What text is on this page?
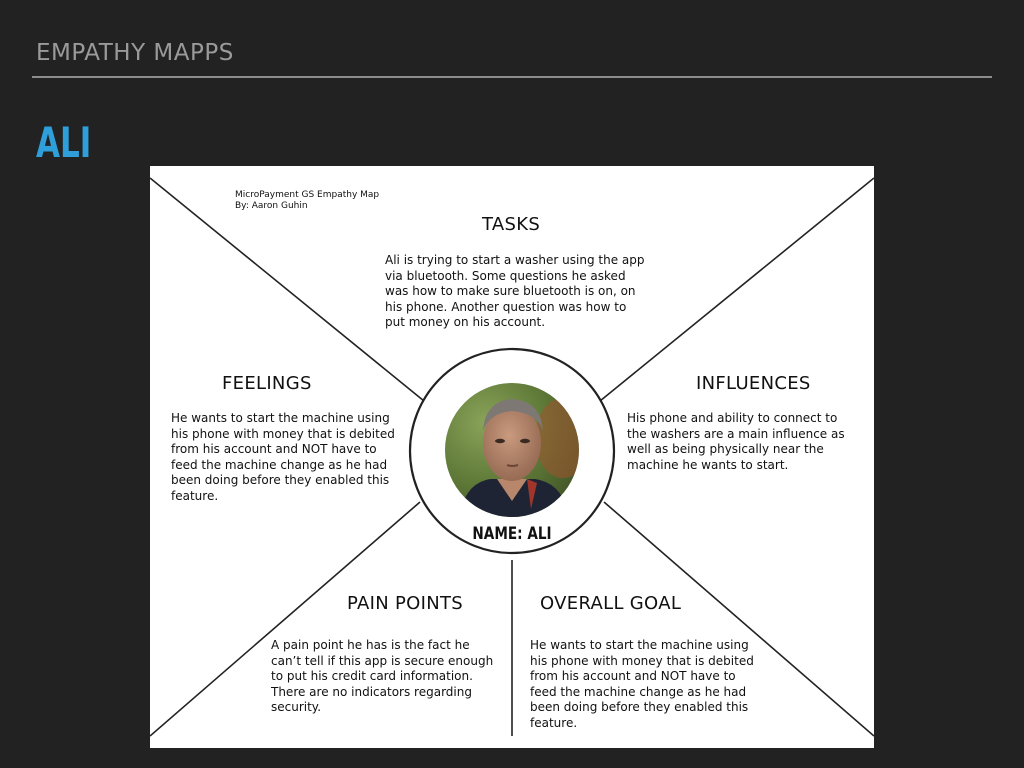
EMPATHY MAPPS
ALI
MicroPayment GS Empathy Map
By: Aaron Guhin
TASKS
Ali is trying to start a washer using the app via bluetooth. Some questions he asked was how to make sure bluetooth is on, on his phone. Another question was how to put money on his account.
FEELINGS
He wants to start the machine using his phone with money that is debited from his account and NOT have to feed the machine change as he had been doing before they enabled this feature.
INFLUENCES
His phone and ability to connect to the washers are a main influence as well as being physically near the machine he wants to start.
PAIN POINTS
A pain point he has is the fact he can’t tell if this app is secure enough to put his credit card information. There are no indicators regarding security.
OVERALL GOAL
He wants to start the machine using his phone with money that is debited from his account and NOT have to feed the machine change as he had been doing before they enabled this feature.
NAME: ALI
